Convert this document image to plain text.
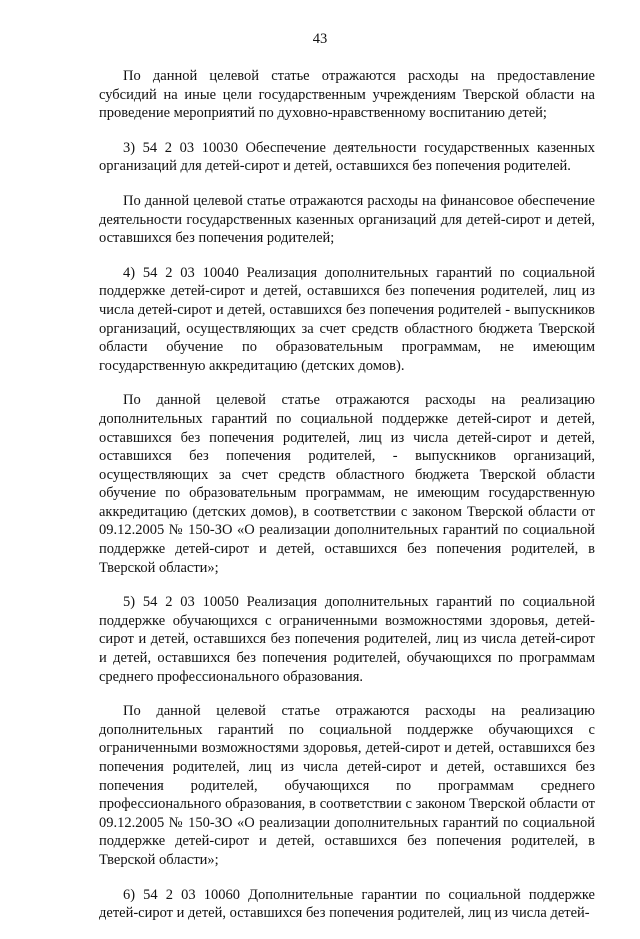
43

По данной целевой статье отражаются расходы на предоставление субсидий на иные цели государственным учреждениям Тверской области на проведение мероприятий по духовно-нравственному воспитанию детей;

3) 54 2 03 10030 Обеспечение деятельности государственных казенных организаций для детей-сирот и детей, оставшихся без попечения родителей.

По данной целевой статье отражаются расходы на финансовое обеспечение деятельности государственных казенных организаций для детей-сирот и детей, оставшихся без попечения родителей;

4) 54 2 03 10040 Реализация дополнительных гарантий по социальной поддержке детей-сирот и детей, оставшихся без попечения родителей, лиц из числа детей-сирот и детей, оставшихся без попечения родителей - выпускников организаций, осуществляющих за счет средств областного бюджета Тверской области обучение по образовательным программам, не имеющим государственную аккредитацию (детских домов).

По данной целевой статье отражаются расходы на реализацию дополнительных гарантий по социальной поддержке детей-сирот и детей, оставшихся без попечения родителей, лиц из числа детей-сирот и детей, оставшихся без попечения родителей, - выпускников организаций, осуществляющих за счет средств областного бюджета Тверской области обучение по образовательным программам, не имеющим государственную аккредитацию (детских домов), в соответствии с законом Тверской области от 09.12.2005 № 150-ЗО «О реализации дополнительных гарантий по социальной поддержке детей-сирот и детей, оставшихся без попечения родителей, в Тверской области»;

5) 54 2 03 10050 Реализация дополнительных гарантий по социальной поддержке обучающихся с ограниченными возможностями здоровья, детей-сирот и детей, оставшихся без попечения родителей, лиц из числа детей-сирот и детей, оставшихся без попечения родителей, обучающихся по программам среднего профессионального образования.

По данной целевой статье отражаются расходы на реализацию дополнительных гарантий по социальной поддержке обучающихся с ограниченными возможностями здоровья, детей-сирот и детей, оставшихся без попечения родителей, лиц из числа детей-сирот и детей, оставшихся без попечения родителей, обучающихся по программам среднего профессионального образования, в соответствии с законом Тверской области от 09.12.2005 № 150-ЗО «О реализации дополнительных гарантий по социальной поддержке детей-сирот и детей, оставшихся без попечения родителей, в Тверской области»;

6) 54 2 03 10060 Дополнительные гарантии по социальной поддержке детей-сирот и детей, оставшихся без попечения родителей, лиц из числа детей-
